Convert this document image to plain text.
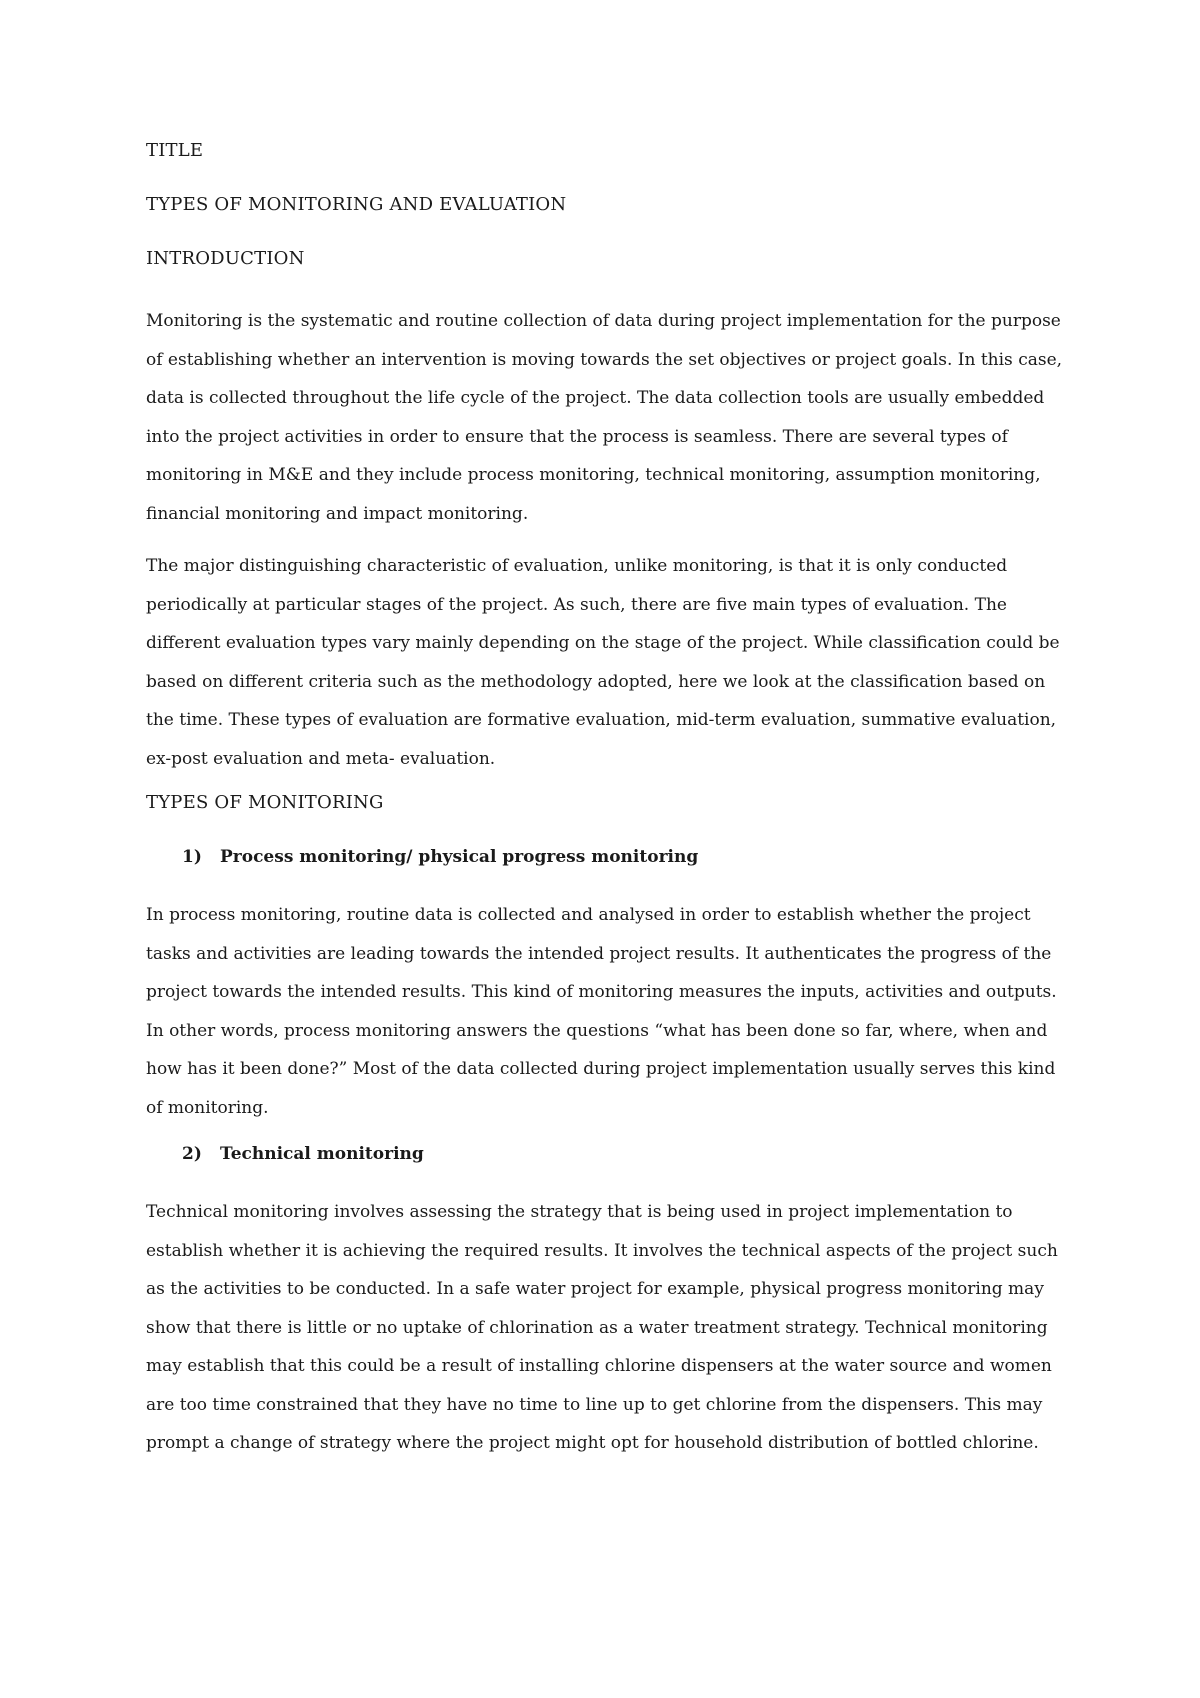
TITLE
TYPES OF MONITORING AND EVALUATION
INTRODUCTION

Monitoring is the systematic and routine collection of data during project implementation for the purpose of establishing whether an intervention is moving towards the set objectives or project goals. In this case, data is collected throughout the life cycle of the project. The data collection tools are usually embedded into the project activities in order to ensure that the process is seamless. There are several types of monitoring in M&E and they include process monitoring, technical monitoring, assumption monitoring, financial monitoring and impact monitoring.

The major distinguishing characteristic of evaluation, unlike monitoring, is that it is only conducted periodically at particular stages of the project. As such, there are five main types of evaluation. The different evaluation types vary mainly depending on the stage of the project. While classification could be based on different criteria such as the methodology adopted, here we look at the classification based on the time. These types of evaluation are formative evaluation, mid-term evaluation, summative evaluation, ex-post evaluation and meta- evaluation.

TYPES OF MONITORING
1) Process monitoring/ physical progress monitoring

In process monitoring, routine data is collected and analysed in order to establish whether the project tasks and activities are leading towards the intended project results. It authenticates the progress of the project towards the intended results. This kind of monitoring measures the inputs, activities and outputs. In other words, process monitoring answers the questions “what has been done so far, where, when and how has it been done?” Most of the data collected during project implementation usually serves this kind of monitoring.

2) Technical monitoring

Technical monitoring involves assessing the strategy that is being used in project implementation to establish whether it is achieving the required results. It involves the technical aspects of the project such as the activities to be conducted. In a safe water project for example, physical progress monitoring may show that there is little or no uptake of chlorination as a water treatment strategy. Technical monitoring may establish that this could be a result of installing chlorine dispensers at the water source and women are too time constrained that they have no time to line up to get chlorine from the dispensers. This may prompt a change of strategy where the project might opt for household distribution of bottled chlorine.
